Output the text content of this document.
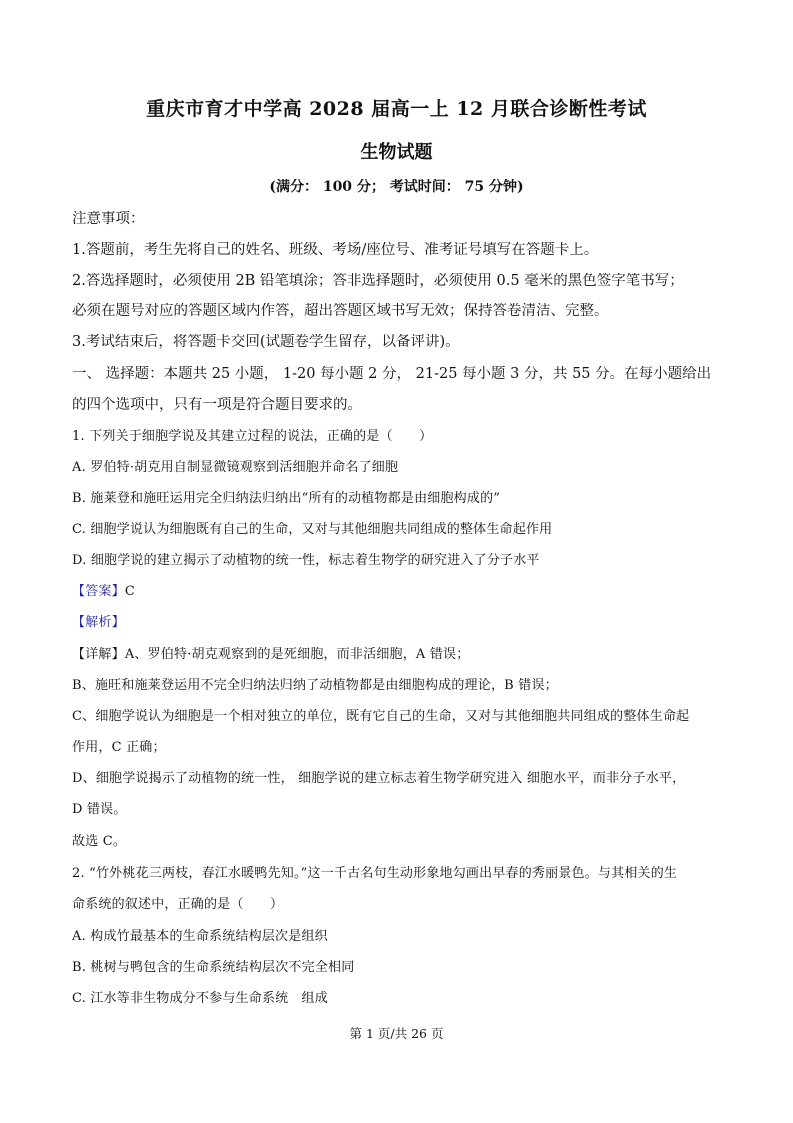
重庆市育才中学高 2028 届高一上 12 月联合诊断性考试
生物试题
(满分： 100 分； 考试时间： 75 分钟)
注意事项：
1.答题前，考生先将自己的姓名、班级、考场/座位号、准考证号填写在答题卡上。
2.答选择题时，必须使用 2B 铅笔填涂；答非选择题时，必须使用 0.5 毫米的黑色签字笔书写；
必须在题号对应的答题区域内作答，超出答题区域书写无效；保持答卷清洁、完整。
3.考试结束后，将答题卡交回(试题卷学生留存，以备评讲)。
一、 选择题：本题共 25 小题， 1-20 每小题 2 分， 21-25 每小题 3 分，共 55 分。在每小题给出
的四个选项中，只有一项是符合题目要求的。
1. 下列关于细胞学说及其建立过程的说法，正确的是（　　）
A. 罗伯特·胡克用自制显微镜观察到活细胞并命名了细胞
B. 施莱登和施旺运用完全归纳法归纳出“所有的动植物都是由细胞构成的”
C. 细胞学说认为细胞既有自己的生命，又对与其他细胞共同组成的整体生命起作用
D. 细胞学说的建立揭示了动植物的统一性，标志着生物学的研究进入了分子水平
【答案】C
【解析】
【详解】A、罗伯特·胡克观察到的是死细胞，而非活细胞，A 错误；
B、施旺和施莱登运用不完全归纳法归纳了动植物都是由细胞构成的理论，B 错误；
C、细胞学说认为细胞是一个相对独立的单位，既有它自己的生命，又对与其他细胞共同组成的整体生命起
作用，C 正确；
D、细胞学说揭示了动植物的统一性， 细胞学说的建立标志着生物学研究进入 细胞水平，而非分子水平，
D 错误。
故选 C。
2. “竹外桃花三两枝，春江水暖鸭先知。”这一千古名句生动形象地勾画出早春的秀丽景色。与其相关的生
命系统的叙述中，正确的是（　　）
A. 构成竹最基本的生命系统结构层次是组织
B. 桃树与鸭包含的生命系统结构层次不完全相同
C. 江水等非生物成分不参与生命系统　组成
第 1 页/共 26 页
